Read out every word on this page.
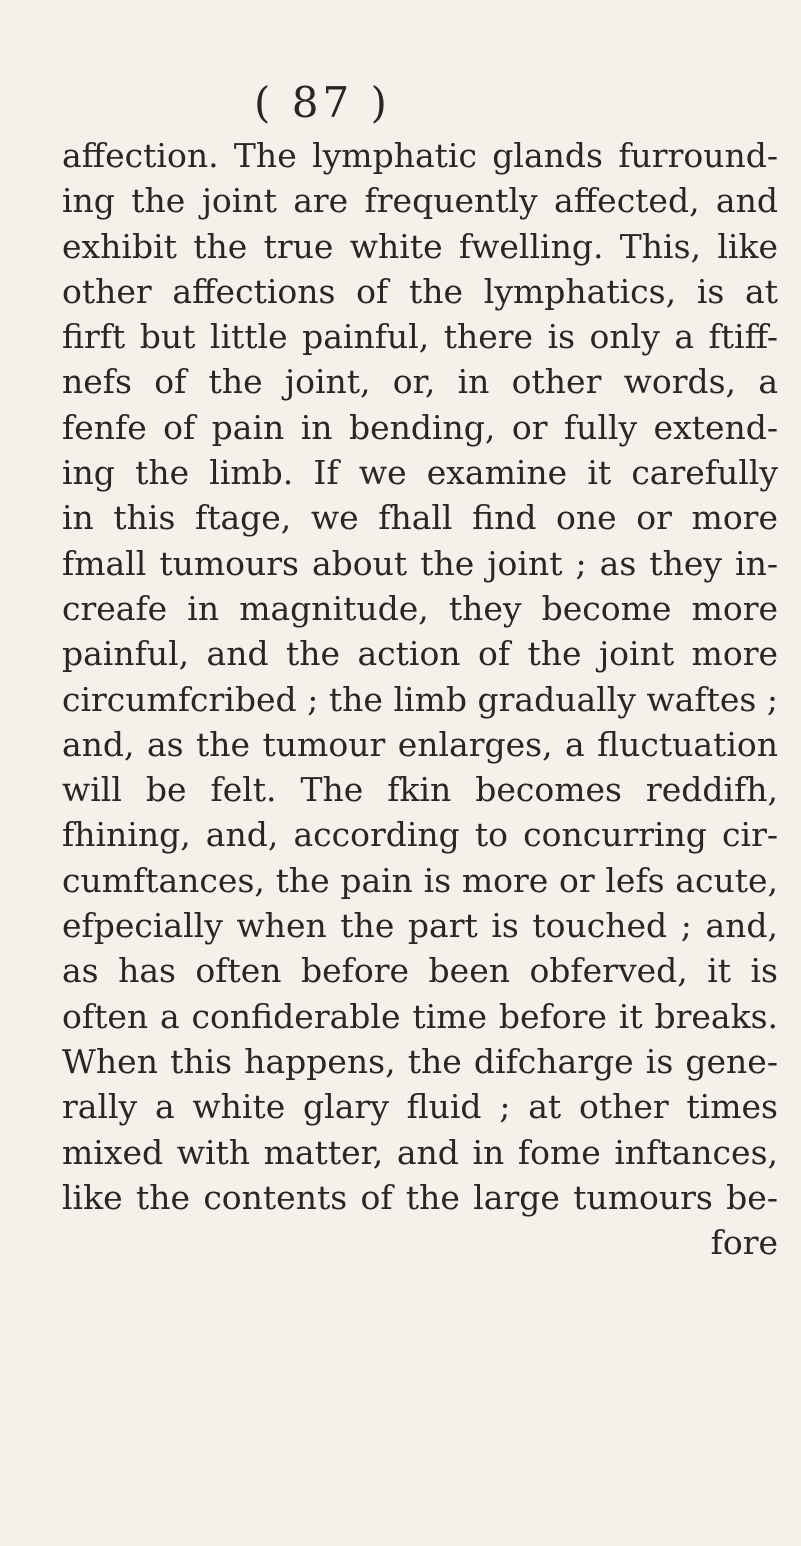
( 87 )

affection. The lymphatic glands furround-
ing the joint are frequently affected, and
exhibit the true white fwelling. This, like
other affections of the lymphatics, is at
firft but little painful, there is only a ftiff-
nefs of the joint, or, in other words, a
fenfe of pain in bending, or fully extend-
ing the limb. If we examine it carefully
in this ftage, we fhall find one or more
fmall tumours about the joint ; as they in-
creafe in magnitude, they become more
painful, and the action of the joint more
circumfcribed ; the limb gradually waftes ;
and, as the tumour enlarges, a fluctuation
will be felt. The fkin becomes reddifh,
fhining, and, according to concurring cir-
cumftances, the pain is more or lefs acute,
efpecially when the part is touched ; and,
as has often before been obferved, it is
often a confiderable time before it breaks.
When this happens, the difcharge is gene-
rally a white glary fluid ; at other times
mixed with matter, and in fome inftances,
like the contents of the large tumours be-
fore
